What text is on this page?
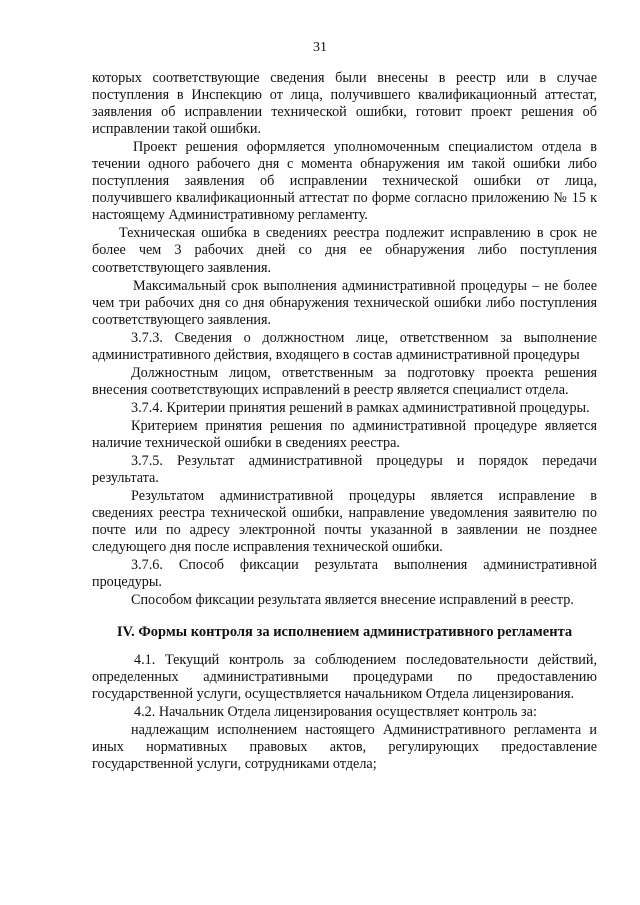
31

которых соответствующие сведения были внесены в реестр или в случае поступления в Инспекцию от лица, получившего квалификационный аттестат, заявления об исправлении технической ошибки, готовит проект решения об исправлении такой ошибки.

Проект решения оформляется уполномоченным специалистом отдела в течении одного рабочего дня с момента обнаружения им такой ошибки либо поступления заявления об исправлении технической ошибки от лица, получившего квалификационный аттестат по форме согласно приложению № 15 к настоящему Административному регламенту.

Техническая ошибка в сведениях реестра подлежит исправлению в срок не более чем 3 рабочих дней со дня ее обнаружения либо поступления соответствующего заявления.

Максимальный срок выполнения административной процедуры – не более чем три рабочих дня со дня обнаружения технической ошибки либо поступления соответствующего заявления.

3.7.3. Сведения о должностном лице, ответственном за выполнение административного действия, входящего в состав административной процедуры

Должностным лицом, ответственным за подготовку проекта решения внесения соответствующих исправлений в реестр является специалист отдела.

3.7.4. Критерии принятия решений в рамках административной процедуры.

Критерием принятия решения по административной процедуре является наличие технической ошибки в сведениях реестра.

3.7.5. Результат административной процедуры и порядок передачи результата.

Результатом административной процедуры является исправление в сведениях реестра технической ошибки, направление уведомления заявителю по почте или по адресу электронной почты указанной в заявлении не позднее следующего дня после исправления технической ошибки.

3.7.6. Способ фиксации результата выполнения административной процедуры.

Способом фиксации результата является внесение исправлений в реестр.

IV. Формы контроля за исполнением административного регламента

4.1. Текущий контроль за соблюдением последовательности действий, определенных административными процедурами по предоставлению государственной услуги, осуществляется начальником Отдела лицензирования.

4.2. Начальник Отдела лицензирования осуществляет контроль за:

надлежащим исполнением настоящего Административного регламента и иных нормативных правовых актов, регулирующих предоставление государственной услуги, сотрудниками отдела;
